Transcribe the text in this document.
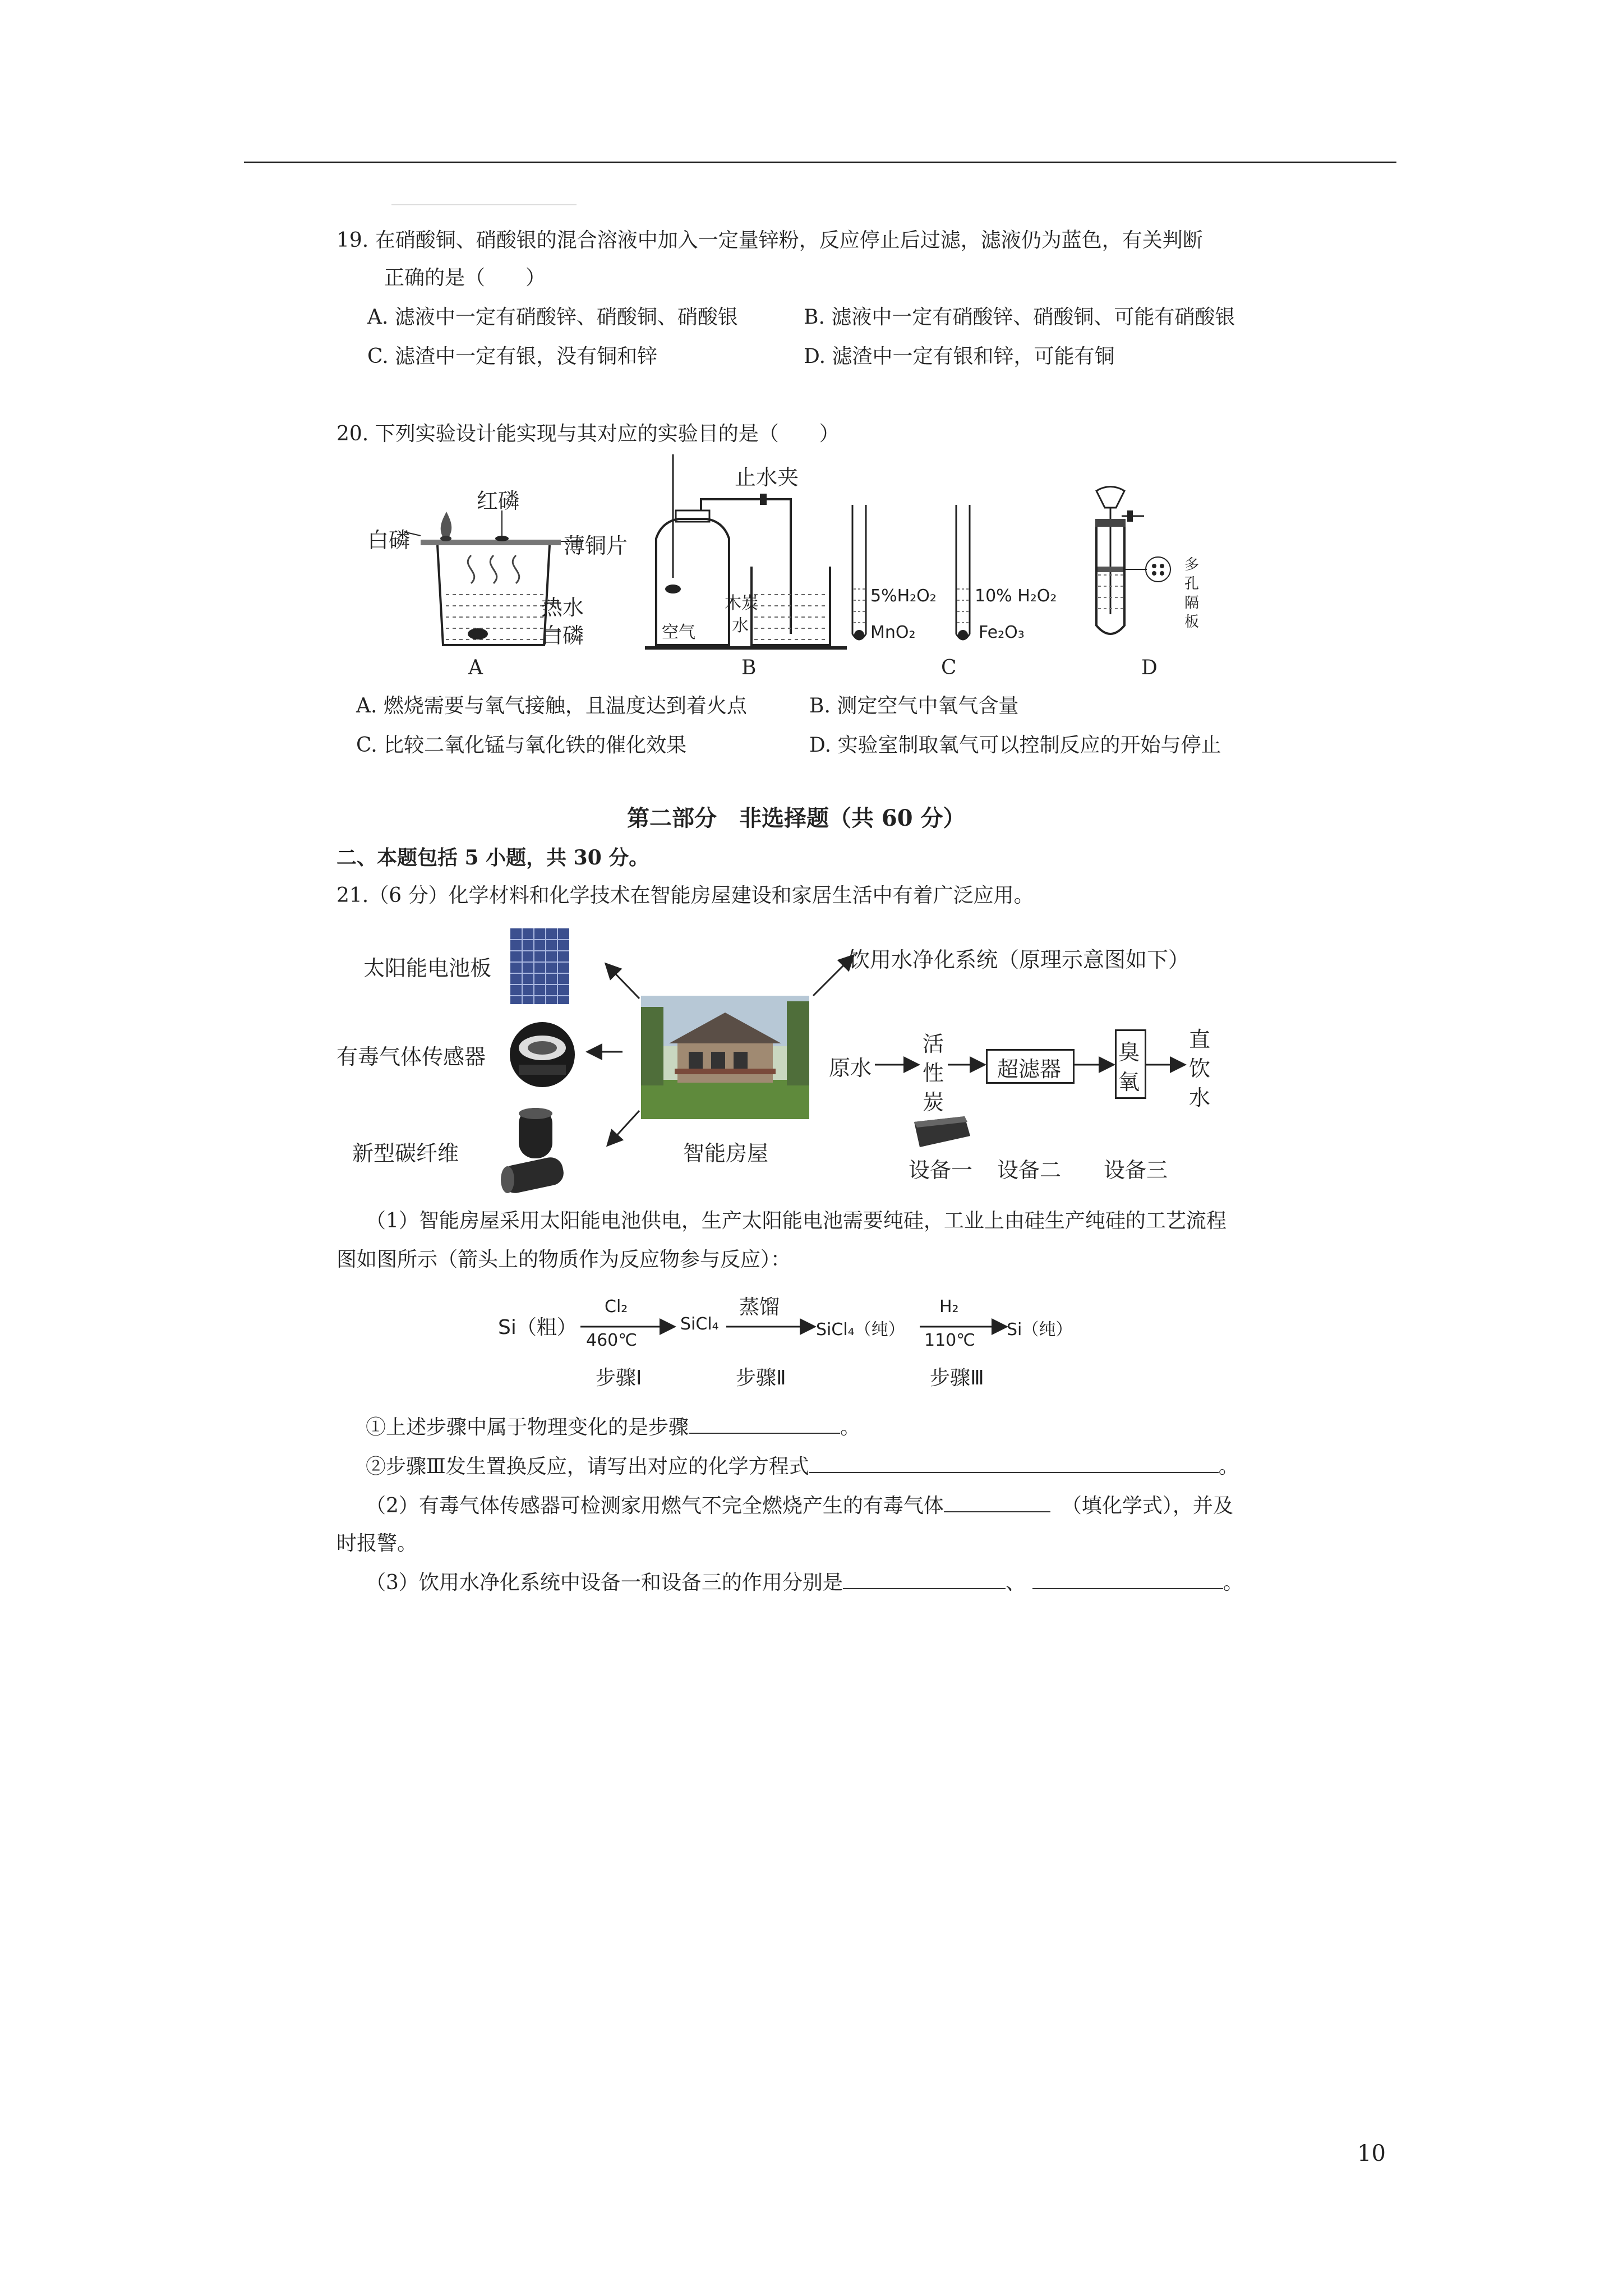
19. 在硝酸铜、硝酸银的混合溶液中加入一定量锌粉，反应停止后过滤，滤液仍为蓝色，有关判断
正确的是（　　）
A. 滤液中一定有硝酸锌、硝酸铜、硝酸银	B. 滤液中一定有硝酸锌、硝酸铜、可能有硝酸银
C. 滤渣中一定有银，没有铜和锌	D. 滤渣中一定有银和锌，可能有铜
20. 下列实验设计能实现与其对应的实验目的是（　　）
红磷
白磷	薄铜片
热水
白磷
A
止水夹
木炭
水
空气
B
5%H₂O₂
MnO₂
10% H₂O₂
Fe₂O₃
C
多孔隔板
D
A. 燃烧需要与氧气接触，且温度达到着火点	B. 测定空气中氧气含量
C. 比较二氧化锰与氧化铁的催化效果	D. 实验室制取氧气可以控制反应的开始与停止
第二部分　非选择题（共 60 分）
二、本题包括 5 小题，共 30 分。
21.（6 分）化学材料和化学技术在智能房屋建设和家居生活中有着广泛应用。
太阳能电池板
有毒气体传感器
新型碳纤维	智能房屋
饮用水净化系统（原理示意图如下）
原水
活
性
炭
超滤器
臭
氧
直
饮
水
设备一 设备二 设备三
（1）智能房屋采用太阳能电池供电，生产太阳能电池需要纯硅，工业上由硅生产纯硅的工艺流程
图如图所示（箭头上的物质作为反应物参与反应）：
Si（粗）
Cl₂
460℃
SiCl₄
蒸馏
SiCl₄（纯）
H₂
110℃
Si（纯）
步骤Ⅰ	步骤Ⅱ	步骤Ⅲ
①上述步骤中属于物理变化的是步骤	。
②步骤Ⅲ发生置换反应，请写出对应的化学方程式	。
（2）有毒气体传感器可检测家用燃气不完全燃烧产生的有毒气体	（填化学式），并及
时报警。
（3）饮用水净化系统中设备一和设备三的作用分别是	、	。
10
